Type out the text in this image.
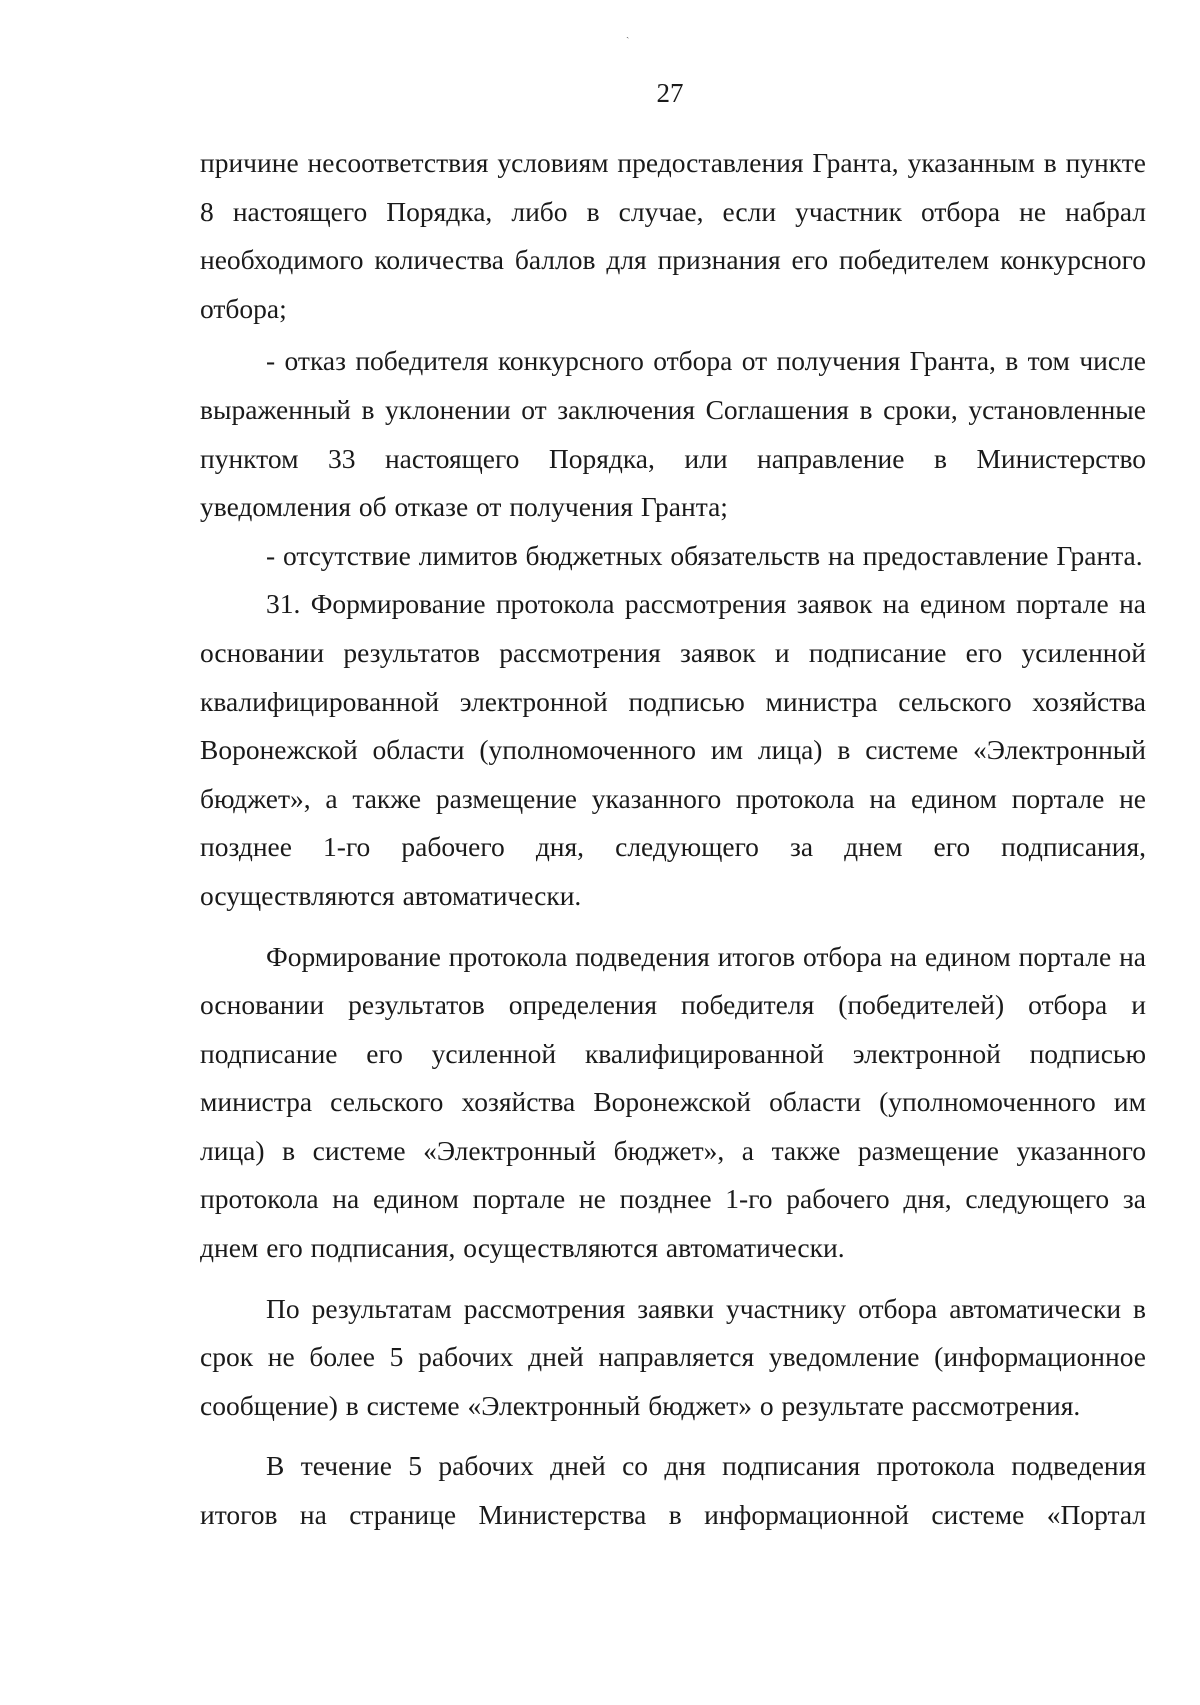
ˎ
27

причине несоответствия условиям предоставления Гранта, указанным в пункте 8 настоящего Порядка, либо в случае, если участник отбора не набрал необходимого количества баллов для признания его победителем конкурсного отбора;

- отказ победителя конкурсного отбора от получения Гранта, в том числе выраженный в уклонении от заключения Соглашения в сроки, установленные пунктом 33 настоящего Порядка, или направление в Министерство уведомления об отказе от получения Гранта;

- отсутствие лимитов бюджетных обязательств на предоставление Гранта.

31. Формирование протокола рассмотрения заявок на едином портале на основании результатов рассмотрения заявок и подписание его усиленной квалифицированной электронной подписью министра сельского хозяйства Воронежской области (уполномоченного им лица) в системе «Электронный бюджет», а также размещение указанного протокола на едином портале не позднее 1-го рабочего дня, следующего за днем его подписания, осуществляются автоматически.

Формирование протокола подведения итогов отбора на едином портале на основании результатов определения победителя (победителей) отбора и подписание его усиленной квалифицированной электронной подписью министра сельского хозяйства Воронежской области (уполномоченного им лица) в системе «Электронный бюджет», а также размещение указанного протокола на едином портале не позднее 1-го рабочего дня, следующего за днем его подписания, осуществляются автоматически.

По результатам рассмотрения заявки участнику отбора автоматически в срок не более 5 рабочих дней направляется уведомление (информационное сообщение) в системе «Электронный бюджет» о результате рассмотрения.

В течение 5 рабочих дней со дня подписания протокола подведения итогов на странице Министерства в информационной системе «Портал
